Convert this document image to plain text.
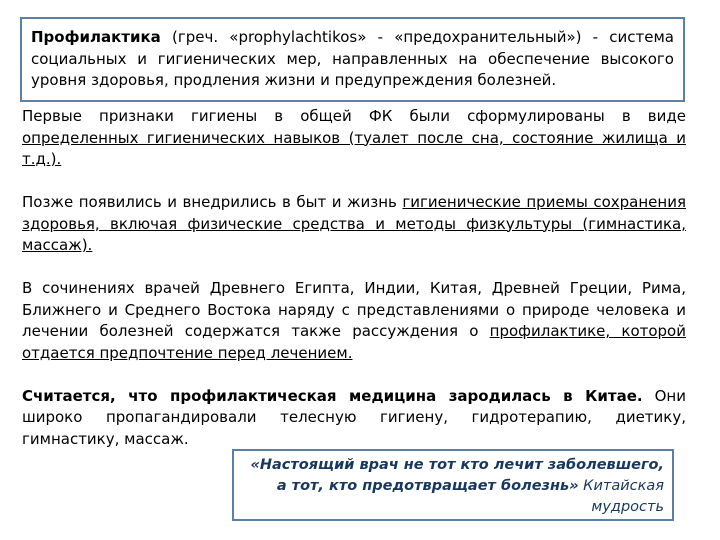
Профилактика (греч. «prophylachtikos» - «предохранительный») - система социальных и гигиенических мер, направленных на обеспечение высокого уровня здоровья, продления жизни и предупреждения болезней.

Первые признаки гигиены в общей ФК были сформулированы в виде определенных гигиенических навыков (туалет после сна, состояние жилища и т.д.).

Позже появились и внедрились в быт и жизнь гигиенические приемы сохранения здоровья, включая физические средства и методы физкультуры (гимнастика, массаж).

В сочинениях врачей Древнего Египта, Индии, Китая, Древней Греции, Рима, Ближнего и Среднего Востока наряду с представлениями о природе человека и лечении болезней содержатся также рассуждения о профилактике, которой отдается предпочтение перед лечением.

Считается, что профилактическая медицина зародилась в Китае. Они широко пропагандировали телесную гигиену, гидротерапию, диетику, гимнастику, массаж.

«Настоящий врач не тот кто лечит заболевшего, а тот, кто предотвращает болезнь» Китайская мудрость
